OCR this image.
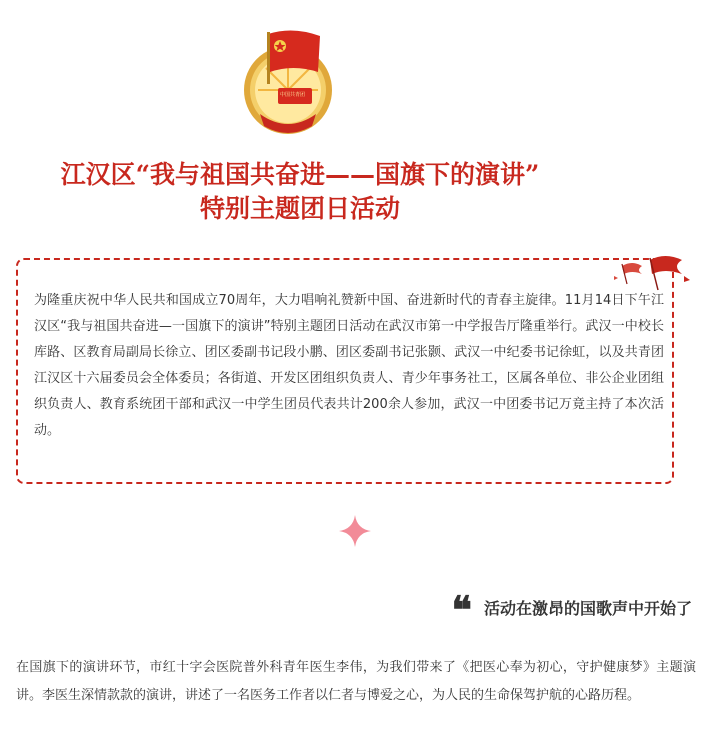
中国共青团
江汉区“我与祖国共奋进——国旗下的演讲”
特别主题团日活动

为隆重庆祝中华人民共和国成立70周年，大力唱响礼赞新中国、奋进新时代的青春主旋律。11月14日下午江汉区“我与祖国共奋进—一国旗下的演讲”特别主题团日活动在武汉市第一中学报告厅隆重举行。武汉一中校长库路、区教育局副局长徐立、团区委副书记段小鹏、团区委副书记张颢、武汉一中纪委书记徐虹，以及共青团江汉区十六届委员会全体委员；各街道、开发区团组织负责人、青少年事务社工，区属各单位、非公企业团组织负责人、教育系统团干部和武汉一中学生团员代表共计200余人参加，武汉一中团委书记万竟主持了本次活动。

❝ 活动在激昂的国歌声中开始了

在国旗下的演讲环节，市红十字会医院普外科青年医生李伟，为我们带来了《把医心奉为初心，守护健康梦》主题演讲。李医生深情款款的演讲，讲述了一名医务工作者以仁者与博爱之心，为人民的生命保驾护航的心路历程。
